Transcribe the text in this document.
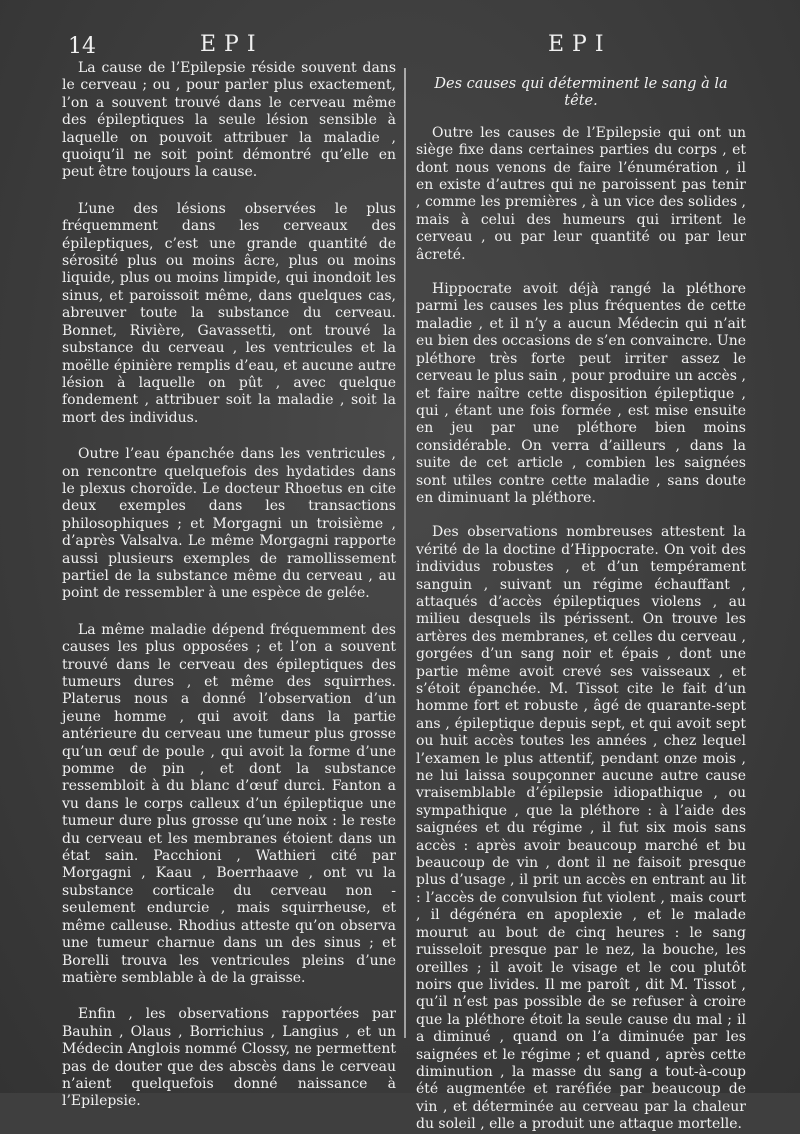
14	EPI	EPI

La cause de l’Epilepsie réside souvent dans le cerveau ; ou , pour parler plus exactement, l’on a souvent trouvé dans le cerveau même des épileptiques la seule lésion sensible à laquelle on pouvoit attribuer la maladie , quoiqu’il ne soit point démontré qu’elle en peut être toujours la cause.

L’une des lésions observées le plus fréquemment dans les cerveaux des épileptiques, c’est une grande quantité de sérosité plus ou moins âcre, plus ou moins liquide, plus ou moins limpide, qui inondoit les sinus, et paroissoit même, dans quelques cas, abreuver toute la substance du cerveau. Bonnet, Rivière, Gavassetti, ont trouvé la substance du cerveau , les ventricules et la moëlle épinière remplis d’eau, et aucune autre lésion à laquelle on pût , avec quelque fondement , attribuer soit la maladie , soit la mort des individus.

Outre l’eau épanchée dans les ventricules , on rencontre quelquefois des hydatides dans le plexus choroïde. Le docteur Rhoetus en cite deux exemples dans les transactions philosophiques ; et Morgagni un troisième , d’après Valsalva. Le même Morgagni rapporte aussi plusieurs exemples de ramollissement partiel de la substance même du cerveau , au point de ressembler à une espèce de gelée.

La même maladie dépend fréquemment des causes les plus opposées ; et l’on a souvent trouvé dans le cerveau des épileptiques des tumeurs dures , et même des squirrhes. Platerus nous a donné l’observation d’un jeune homme , qui avoit dans la partie antérieure du cerveau une tumeur plus grosse qu’un œuf de poule , qui avoit la forme d’une pomme de pin , et dont la substance ressembloit à du blanc d’œuf durci. Fanton a vu dans le corps calleux d’un épileptique une tumeur dure plus grosse qu’une noix : le reste du cerveau et les membranes étoient dans un état sain. Pacchioni , Wathieri cité par Morgagni , Kaau , Boerrhaave , ont vu la substance corticale du cerveau non - seulement endurcie , mais squirrheuse, et même calleuse. Rhodius atteste qu’on observa une tumeur charnue dans un des sinus ; et Borelli trouva les ventricules pleins d’une matière semblable à de la graisse.

Enfin , les observations rapportées par Bauhin , Olaus , Borrichius , Langius , et un Médecin Anglois nommé Clossy, ne permettent pas de douter que des abscès dans le cerveau n’aient quelquefois donné naissance à l’Epilepsie.

Des causes qui déterminent le sang à la tête.

Outre les causes de l’Epilepsie qui ont un siège fixe dans certaines parties du corps , et dont nous venons de faire l’énumération , il en existe d’autres qui ne paroissent pas tenir , comme les premières , à un vice des solides , mais à celui des humeurs qui irritent le cerveau , ou par leur quantité ou par leur âcreté.

Hippocrate avoit déjà rangé la pléthore parmi les causes les plus fréquentes de cette maladie , et il n’y a aucun Médecin qui n’ait eu bien des occasions de s’en convaincre. Une pléthore très forte peut irriter assez le cerveau le plus sain , pour produire un accès , et faire naître cette disposition épileptique , qui , étant une fois formée , est mise ensuite en jeu par une pléthore bien moins considérable. On verra d’ailleurs , dans la suite de cet article , combien les saignées sont utiles contre cette maladie , sans doute en diminuant la pléthore.

Des observations nombreuses attestent la vérité de la doctine d’Hippocrate. On voit des individus robustes , et d’un tempérament sanguin , suivant un régime échauffant , attaqués d’accès épileptiques violens , au milieu desquels ils périssent. On trouve les artères des membranes, et celles du cerveau , gorgées d’un sang noir et épais , dont une partie même avoit crevé ses vaisseaux , et s’étoit épanchée. M. Tissot cite le fait d’un homme fort et robuste , âgé de quarante-sept ans , épileptique depuis sept, et qui avoit sept ou huit accès toutes les années , chez lequel l’examen le plus attentif, pendant onze mois , ne lui laissa soupçonner aucune autre cause vraisemblable d’épilepsie idiopathique , ou sympathique , que la pléthore : à l’aide des saignées et du régime , il fut six mois sans accès : après avoir beaucoup marché et bu beaucoup de vin , dont il ne faisoit presque plus d’usage , il prit un accès en entrant au lit : l’accès de convulsion fut violent , mais court , il dégénéra en apoplexie , et le malade mourut au bout de cinq heures : le sang ruisseloit presque par le nez, la bouche, les oreilles ; il avoit le visage et le cou plutôt noirs que livides. Il me paroît , dit M. Tissot , qu’il n’est pas possible de se refuser à croire que la pléthore étoit la seule cause du mal ; il a diminué , quand on l’a diminuée par les saignées et le régime ; et quand , après cette diminution , la masse du sang a tout-à-coup été augmentée et raréfiée par beaucoup de vin , et déterminée au cerveau par la chaleur du soleil , elle a produit une attaque mortelle.
